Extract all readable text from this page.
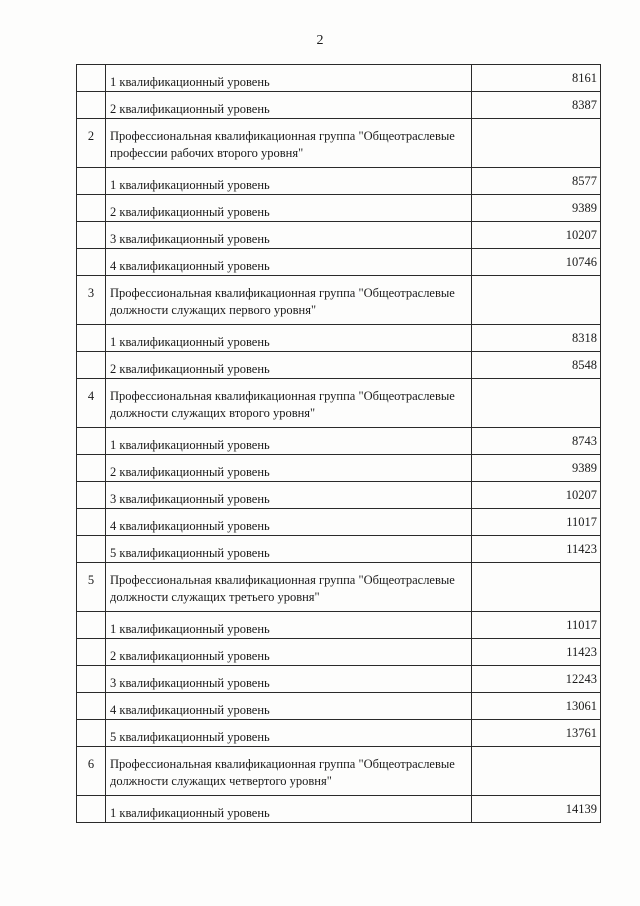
2
	1 квалификационный уровень	8161
	2 квалификационный уровень	8387
2	Профессиональная квалификационная группа "Общеотраслевые профессии рабочих второго уровня"	
	1 квалификационный уровень	8577
	2 квалификационный уровень	9389
	3 квалификационный уровень	10207
	4 квалификационный уровень	10746
3	Профессиональная квалификационная группа "Общеотраслевые должности служащих первого уровня"	
	1 квалификационный уровень	8318
	2 квалификационный уровень	8548
4	Профессиональная квалификационная группа "Общеотраслевые должности служащих второго уровня"	
	1 квалификационный уровень	8743
	2 квалификационный уровень	9389
	3 квалификационный уровень	10207
	4 квалификационный уровень	11017
	5 квалификационный уровень	11423
5	Профессиональная квалификационная группа "Общеотраслевые должности служащих третьего уровня"	
	1 квалификационный уровень	11017
	2 квалификационный уровень	11423
	3 квалификационный уровень	12243
	4 квалификационный уровень	13061
	5 квалификационный уровень	13761
6	Профессиональная квалификационная группа "Общеотраслевые должности служащих четвертого уровня"	
	1 квалификационный уровень	14139
